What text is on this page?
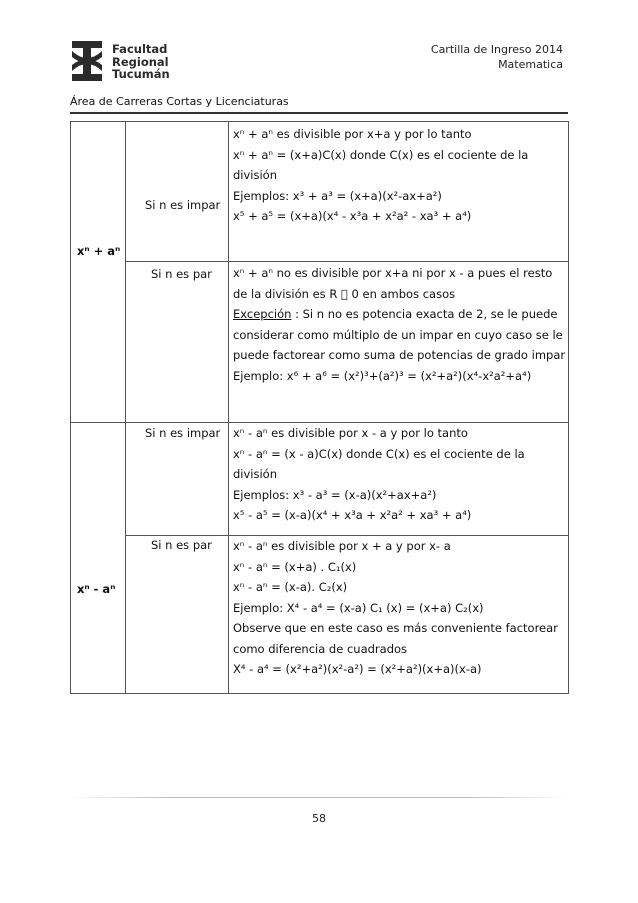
Facultad
Regional
Tucumán
Cartilla de Ingreso 2014
Matematica
Área de Carreras Cortas y Licenciaturas
xⁿ + aⁿ
xⁿ - aⁿ
Si n es impar
Si n es par
Si n es impar
Si n es par
xⁿ + aⁿ es divisible por x+a y por lo tanto
xⁿ + aⁿ = (x+a)C(x) donde C(x) es el cociente de la
división
Ejemplos: x³ + a³ = (x+a)(x²-ax+a²)
x⁵ + a⁵ = (x+a)(x⁴ - x³a + x²a² - xa³ + a⁴)
xⁿ + aⁿ no es divisible por x+a ni por x - a pues el resto
de la división es R ⃞ 0 en ambos casos
Excepción : Si n no es potencia exacta de 2, se le puede
considerar como múltiplo de un impar en cuyo caso se le
puede factorear como suma de potencias de grado impar
Ejemplo: x⁶ + a⁶ = (x²)³+(a²)³ = (x²+a²)(x⁴-x²a²+a⁴)
xⁿ - aⁿ es divisible por x - a y por lo tanto
xⁿ - aⁿ = (x - a)C(x) donde C(x) es el cociente de la
división
Ejemplos: x³ - a³ = (x-a)(x²+ax+a²)
x⁵ - a⁵ = (x-a)(x⁴ + x³a + x²a² + xa³ + a⁴)
xⁿ - aⁿ es divisible por x + a y por x- a
xⁿ - aⁿ = (x+a) . C₁(x)
xⁿ - aⁿ = (x-a). C₂(x)
Ejemplo: X⁴ - a⁴ = (x-a) C₁ (x) = (x+a) C₂(x)
Observe que en este caso es más conveniente factorear
como diferencia de cuadrados
X⁴ - a⁴ = (x²+a²)(x²-a²) = (x²+a²)(x+a)(x-a)
58
